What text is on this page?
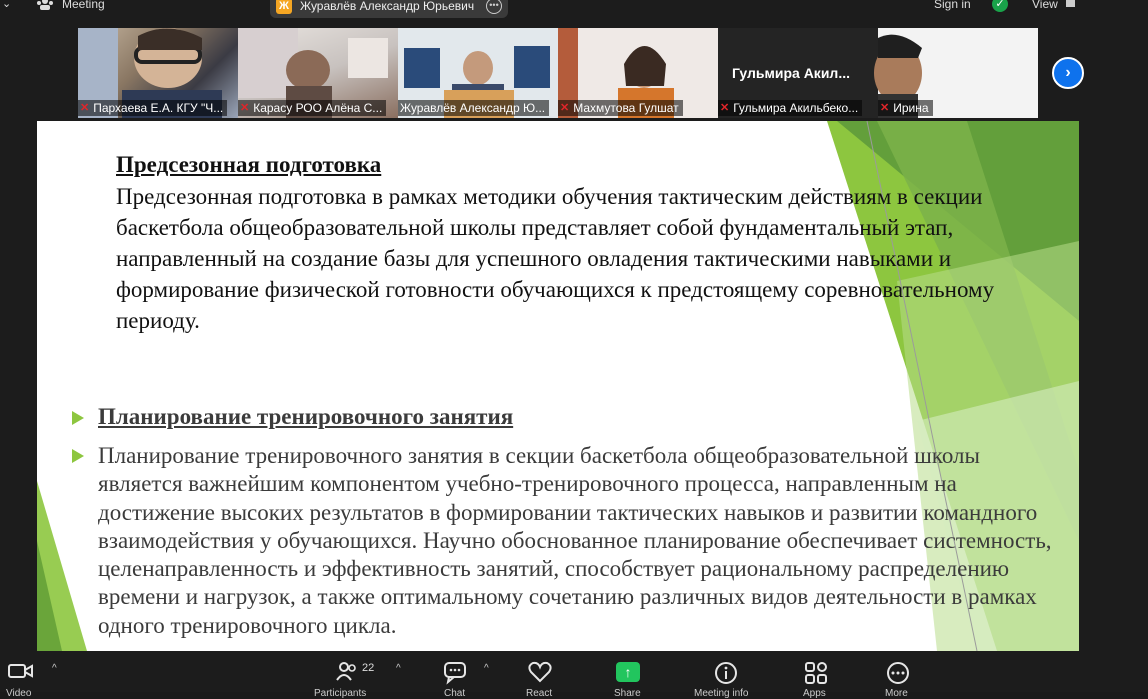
⌄	Meeting	Ж Журавлёв Александр Юрьевич	•••	Sign in	✓ View
✕ Пархаева Е.А. КГУ "Ч... ✕ Карасу РОО Алёна С... Журавлёв Александр Ю... ✕ Махмутова Гулшат
Гульмира Акил...
✕ Гульмира Акильбеко... ✕ Ирина
›
Предсезонная подготовка
Предсезонная подготовка в рамках методики обучения тактическим действиям в секции баскетбола общеобразовательной школы представляет собой фундаментальный этап, направленный на создание базы для успешного овладения тактическими навыками и формирование физической готовности обучающихся к предстоящему соревновательному периоду.
Планирование тренировочного занятия
Планирование тренировочного занятия в секции баскетбола общеобразовательной школы является важнейшим компонентом учебно-тренировочного процесса, направленным на достижение высоких результатов в формировании тактических навыков и развитии командного взаимодействия у обучающихся. Научно обоснованное планирование обеспечивает системность, целенаправленность и эффективность занятий, способствует рациональному распределению времени и нагрузок, а также оптимальному сочетанию различных видов деятельности в рамках одного тренировочного цикла.
Video
^	22
Participants
^
Chat
^
React
↑
Share	Meeting info	Apps	More
